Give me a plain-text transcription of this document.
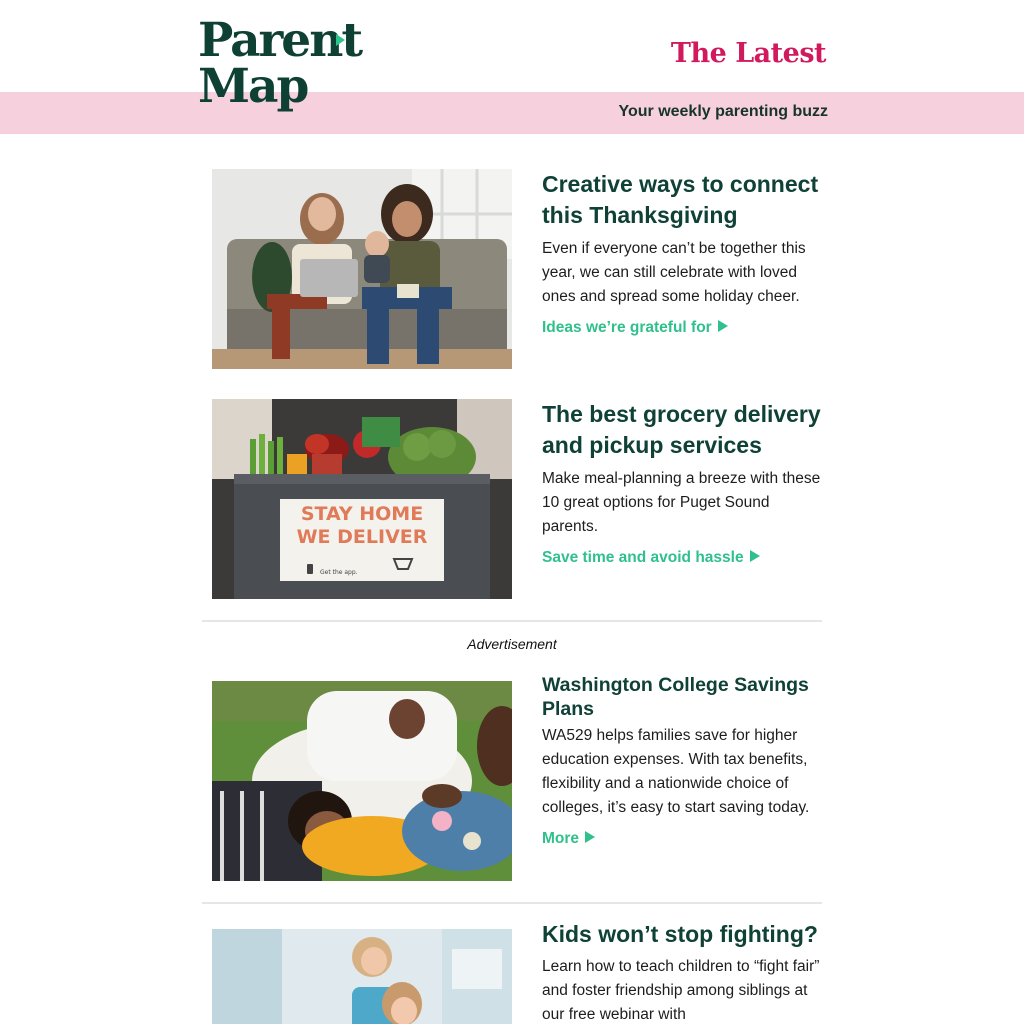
Parent
Map
The Latest
Your weekly parenting buzz
Creative ways to connect this Thanksgiving
Even if everyone can’t be together this year, we can still celebrate with loved ones and spread some holiday cheer.
Ideas we’re grateful for
STAY HOME
WE DELIVER
Get the app.
The best grocery delivery and pickup services
Make meal-planning a breeze with these 10 great options for Puget Sound parents.
Save time and avoid hassle
Advertisement
Washington College Savings Plans
WA529 helps families save for higher education expenses. With tax benefits, flexibility and a nationwide choice of colleges, it’s easy to start saving today.
More
Kids won’t stop fighting?
Learn how to teach children to “fight fair” and foster friendship among siblings at our free webinar with
